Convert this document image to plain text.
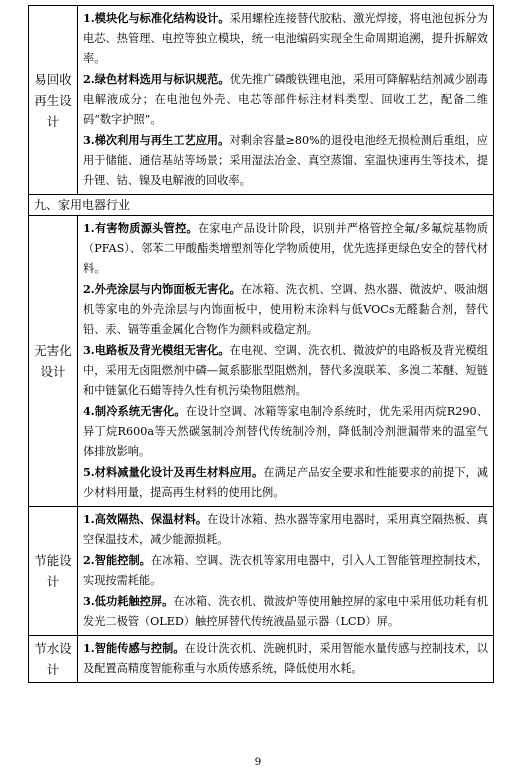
易回收再生设计	1.模块化与标准化结构设计。采用螺栓连接替代胶粘、激光焊接，将电池包拆分为电芯、热管理、电控等独立模块，统一电池编码实现全生命周期追溯，提升拆解效率。

2.绿色材料选用与标识规范。优先推广磷酸铁锂电池，采用可降解粘结剂减少剧毒电解液成分；在电池包外壳、电芯等部件标注材料类型、回收工艺，配备二维码“数字护照”。

3.梯次利用与再生工艺应用。对剩余容量≥80%的退役电池经无损检测后重组，应用于储能、通信基站等场景；采用湿法冶金、真空蒸馏、室温快速再生等技术，提升锂、钴、镍及电解液的回收率。

九、家用电器行业	
无害化设计	1.有害物质源头管控。在家电产品设计阶段，识别并严格管控全氟/多氟烷基物质（PFAS）、邻苯二甲酸酯类增塑剂等化学物质使用，优先选择更绿色安全的替代材料。

2.外壳涂层与内饰面板无害化。在冰箱、洗衣机、空调、热水器、微波炉、吸油烟机等家电的外壳涂层与内饰面板中，使用粉末涂料与低VOCs无醛黏合剂，替代铅、汞、镉等重金属化合物作为颜料或稳定剂。

3.电路板及背光模组无害化。在电视、空调、洗衣机、微波炉的电路板及背光模组中，采用无卤阻燃剂中磷—氮系膨胀型阻燃剂，替代多溴联苯、多溴二苯醚、短链和中链氯化石蜡等持久性有机污染物阻燃剂。

4.制冷系统无害化。在设计空调、冰箱等家电制冷系统时，优先采用丙烷R290、异丁烷R600a等天然碳氢制冷剂替代传统制冷剂，降低制冷剂泄漏带来的温室气体排放影响。

5.材料减量化设计及再生材料应用。在满足产品安全要求和性能要求的前提下，减少材料用量，提高再生材料的使用比例。

节能设计	1.高效隔热、保温材料。在设计冰箱、热水器等家用电器时，采用真空隔热板、真空保温技术，减少能源损耗。

2.智能控制。在冰箱、空调、洗衣机等家用电器中，引入人工智能管理控制技术，实现按需耗能。

3.低功耗触控屏。在冰箱、洗衣机、微波炉等使用触控屏的家电中采用低功耗有机发光二极管（OLED）触控屏替代传统液晶显示器（LCD）屏。

节水设计	1.智能传感与控制。在设计洗衣机、洗碗机时，采用智能水量传感与控制技术，以及配置高精度智能称重与水质传感系统，降低使用水耗。

9
